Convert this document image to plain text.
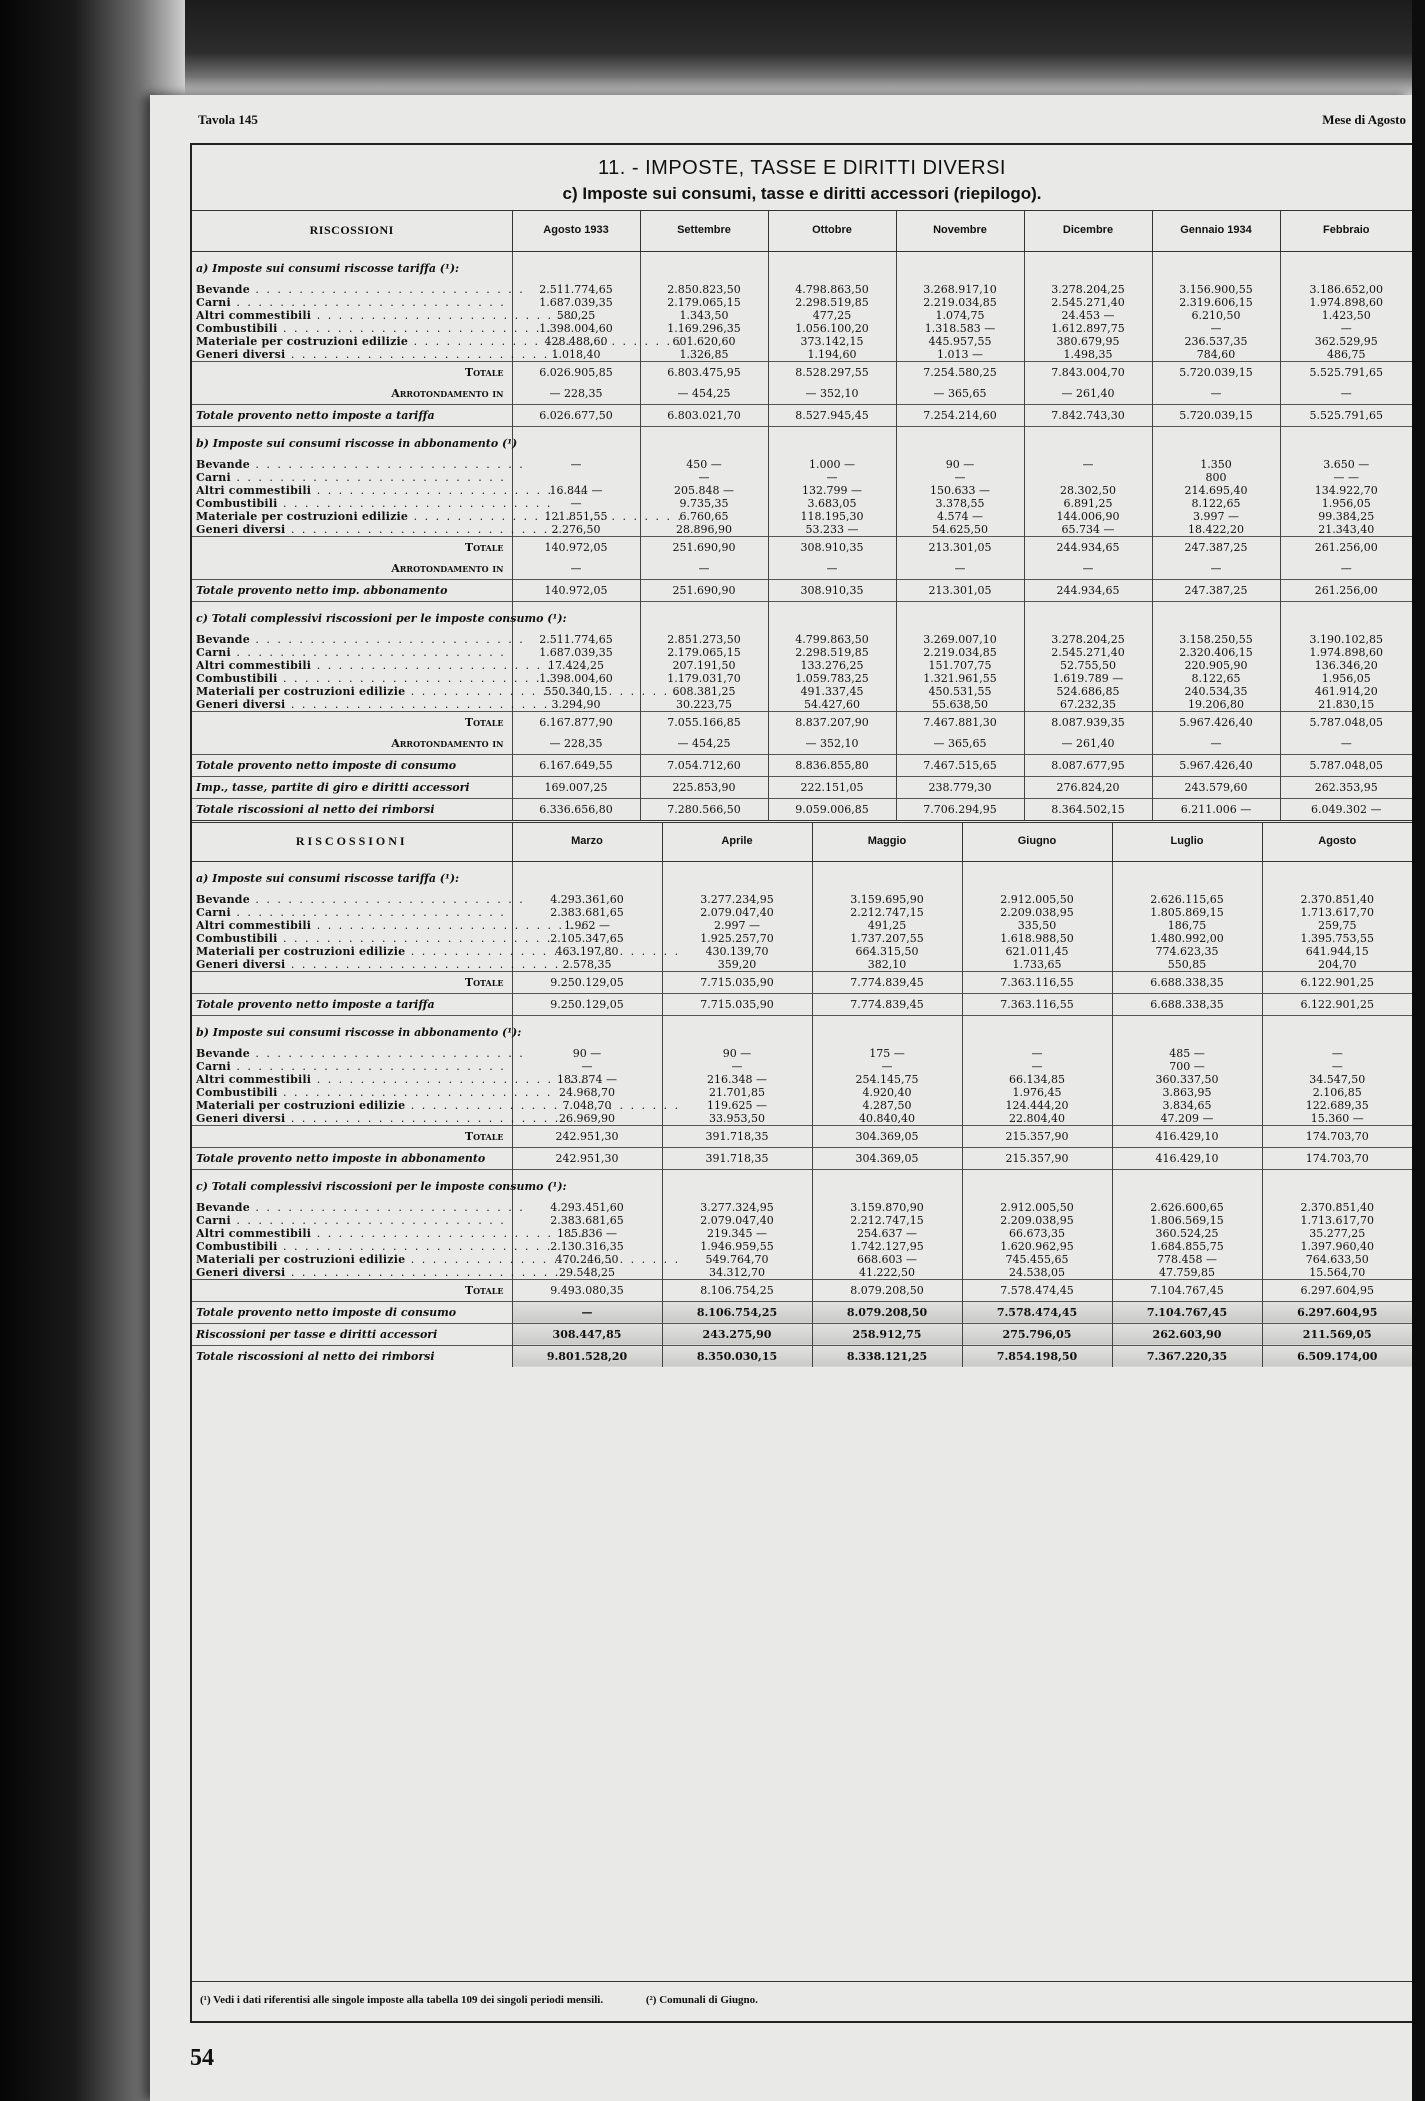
Tavola 145	Mese di Agosto
11. - IMPOSTE, TASSE E DIRITTI DIVERSI
c) Imposte sui consumi, tasse e diritti accessori (riepilogo).
RISCOSSIONI	Agosto 1933	Settembre	Ottobre	Novembre	Dicembre	Gennaio 1934	Febbraio
a) Imposte sui consumi riscosse tariffa (¹):							
Bevande . . .	2.511.774,65	2.850.823,50	4.798.863,50	3.268.917,10	3.278.204,25	3.156.900,55	3.186.652,00
Carni . . .	1.687.039,35	2.179.065,15	2.298.519,85	2.219.034,85	2.545.271,40	2.319.606,15	1.974.898,60
Altri commestibili . . .	580,25	1.343,50	477,25	1.074,75	24.453 —	6.210,50	1.423,50
Combustibili . . .	1.398.004,60	1.169.296,35	1.056.100,20	1.318.583 —	1.612.897,75	—	—
Materiale per costruzioni edilizie . . .	428.488,60	601.620,60	373.142,15	445.957,55	380.679,95	236.537,35	362.529,95
Generi diversi . . .	1.018,40	1.326,85	1.194,60	1.013 —	1.498,35	784,60	486,75

Totale	6.026.905,85	6.803.475,95	8.528.297,55	7.254.580,25	7.843.004,70	5.720.039,15	5.525.791,65

Arrotondamento in	— 228,35	— 454,25	— 352,10	— 365,65	— 261,40	—	—
Totale provento netto imposte a tariffa	6.026.677,50	6.803.021,70	8.527.945,45	7.254.214,60	7.842.743,30	5.720.039,15	5.525.791,65
b) Imposte sui consumi riscosse in abbonamento (¹)							
Bevande . . .	—	450 —	1.000 —	90 —	—	1.350	3.650 —
Carni . . .		—	—	—		800	— —
Altri commestibili . . .	16.844 —	205.848 —	132.799 —	150.633 —	28.302,50	214.695,40	134.922,70
Combustibili . . .	—	9.735,35	3.683,05	3.378,55	6.891,25	8.122,65	1.956,05
Materiale per costruzioni edilizie . . .	121.851,55	6.760,65	118.195,30	4.574 —	144.006,90	3.997 —	99.384,25
Generi diversi . . .	2.276,50	28.896,90	53.233 —	54.625,50	65.734 —	18.422,20	21.343,40

Totale	140.972,05	251.690,90	308.910,35	213.301,05	244.934,65	247.387,25	261.256,00

Arrotondamento in	—	—	—	—	—	—	—
Totale provento netto imp. abbonamento	140.972,05	251.690,90	308.910,35	213.301,05	244.934,65	247.387,25	261.256,00
c) Totali complessivi riscossioni per le imposte consumo (¹):							
Bevande . . .	2.511.774,65	2.851.273,50	4.799.863,50	3.269.007,10	3.278.204,25	3.158.250,55	3.190.102,85
Carni . . .	1.687.039,35	2.179.065,15	2.298.519,85	2.219.034,85	2.545.271,40	2.320.406,15	1.974.898,60
Altri commestibili . . .	17.424,25	207.191,50	133.276,25	151.707,75	52.755,50	220.905,90	136.346,20
Combustibili . . .	1.398.004,60	1.179.031,70	1.059.783,25	1.321.961,55	1.619.789 —	8.122,65	1.956,05
Materiali per costruzioni edilizie . . .	550.340,15	608.381,25	491.337,45	450.531,55	524.686,85	240.534,35	461.914,20
Generi diversi . . .	3.294,90	30.223,75	54.427,60	55.638,50	67.232,35	19.206,80	21.830,15

Totale	6.167.877,90	7.055.166,85	8.837.207,90	7.467.881,30	8.087.939,35	5.967.426,40	5.787.048,05

Arrotondamento in	— 228,35	— 454,25	— 352,10	— 365,65	— 261,40	—	—
Totale provento netto imposte di consumo	6.167.649,55	7.054.712,60	8.836.855,80	7.467.515,65	8.087.677,95	5.967.426,40	5.787.048,05
Imp., tasse, partite di giro e diritti accessori	169.007,25	225.853,90	222.151,05	238.779,30	276.824,20	243.579,60	262.353,95
Totale riscossioni al netto dei rimborsi	6.336.656,80	7.280.566,50	9.059.006,85	7.706.294,95	8.364.502,15	6.211.006 —	6.049.302 —
RISCOSSIONI	Marzo	Aprile	Maggio	Giugno	Luglio	Agosto
a) Imposte sui consumi riscosse tariffa (¹):						
Bevande . . .	4.293.361,60	3.277.234,95	3.159.695,90	2.912.005,50	2.626.115,65	2.370.851,40
Carni . . .	2.383.681,65	2.079.047,40	2.212.747,15	2.209.038,95	1.805.869,15	1.713.617,70
Altri commestibili . . .	1.962 —	2.997 —	491,25	335,50	186,75	259,75
Combustibili . . .	2.105.347,65	1.925.257,70	1.737.207,55	1.618.988,50	1.480.992,00	1.395.753,55
Materiali per costruzioni edilizie . . .	463.197,80	430.139,70	664.315,50	621.011,45	774.623,35	641.944,15
Generi diversi . . .	2.578,35	359,20	382,10	1.733,65	550,85	204,70

Totale	9.250.129,05	7.715.035,90	7.774.839,45	7.363.116,55	6.688.338,35	6.122.901,25
Totale provento netto imposte a tariffa	9.250.129,05	7.715.035,90	7.774.839,45	7.363.116,55	6.688.338,35	6.122.901,25
b) Imposte sui consumi riscosse in abbonamento (¹):						
Bevande . . .	90 —	90 —	175 —	—	485 —	—
Carni . . .	—	—	—	—	700 —	—
Altri commestibili . . .	183.874 —	216.348 —	254.145,75	66.134,85	360.337,50	34.547,50
Combustibili . . .	24.968,70	21.701,85	4.920,40	1.976,45	3.863,95	2.106,85
Materiali per costruzioni edilizie . . .	7.048,70	119.625 —	4.287,50	124.444,20	3.834,65	122.689,35
Generi diversi . . .	26.969,90	33.953,50	40.840,40	22.804,40	47.209 —	15.360 —

Totale	242.951,30	391.718,35	304.369,05	215.357,90	416.429,10	174.703,70
Totale provento netto imposte in abbonamento	242.951,30	391.718,35	304.369,05	215.357,90	416.429,10	174.703,70
c) Totali complessivi riscossioni per le imposte consumo (¹):						
Bevande . . .	4.293.451,60	3.277.324,95	3.159.870,90	2.912.005,50	2.626.600,65	2.370.851,40
Carni . . .	2.383.681,65	2.079.047,40	2.212.747,15	2.209.038,95	1.806.569,15	1.713.617,70
Altri commestibili . . .	185.836 —	219.345 —	254.637 —	66.673,35	360.524,25	35.277,25
Combustibili . . .	2.130.316,35	1.946.959,55	1.742.127,95	1.620.962,95	1.684.855,75	1.397.960,40
Materiali per costruzioni edilizie . . .	470.246,50	549.764,70	668.603 —	745.455,65	778.458 —	764.633,50
Generi diversi . . .	29.548,25	34.312,70	41.222,50	24.538,05	47.759,85	15.564,70

Totale	9.493.080,35	8.106.754,25	8.079.208,50	7.578.474,45	7.104.767,45	6.297.604,95
Totale provento netto imposte di consumo	—	8.106.754,25	8.079.208,50	7.578.474,45	7.104.767,45	6.297.604,95
Riscossioni per tasse e diritti accessori	308.447,85	243.275,90	258.912,75	275.796,05	262.603,90	211.569,05
Totale riscossioni al netto dei rimborsi	9.801.528,20	8.350.030,15	8.338.121,25	7.854.198,50	7.367.220,35	6.509.174,00
(¹) Vedi i dati riferentisi alle singole imposte alla tabella 109 dei singoli periodi mensili.	(²) Comunali di Giugno.
54
